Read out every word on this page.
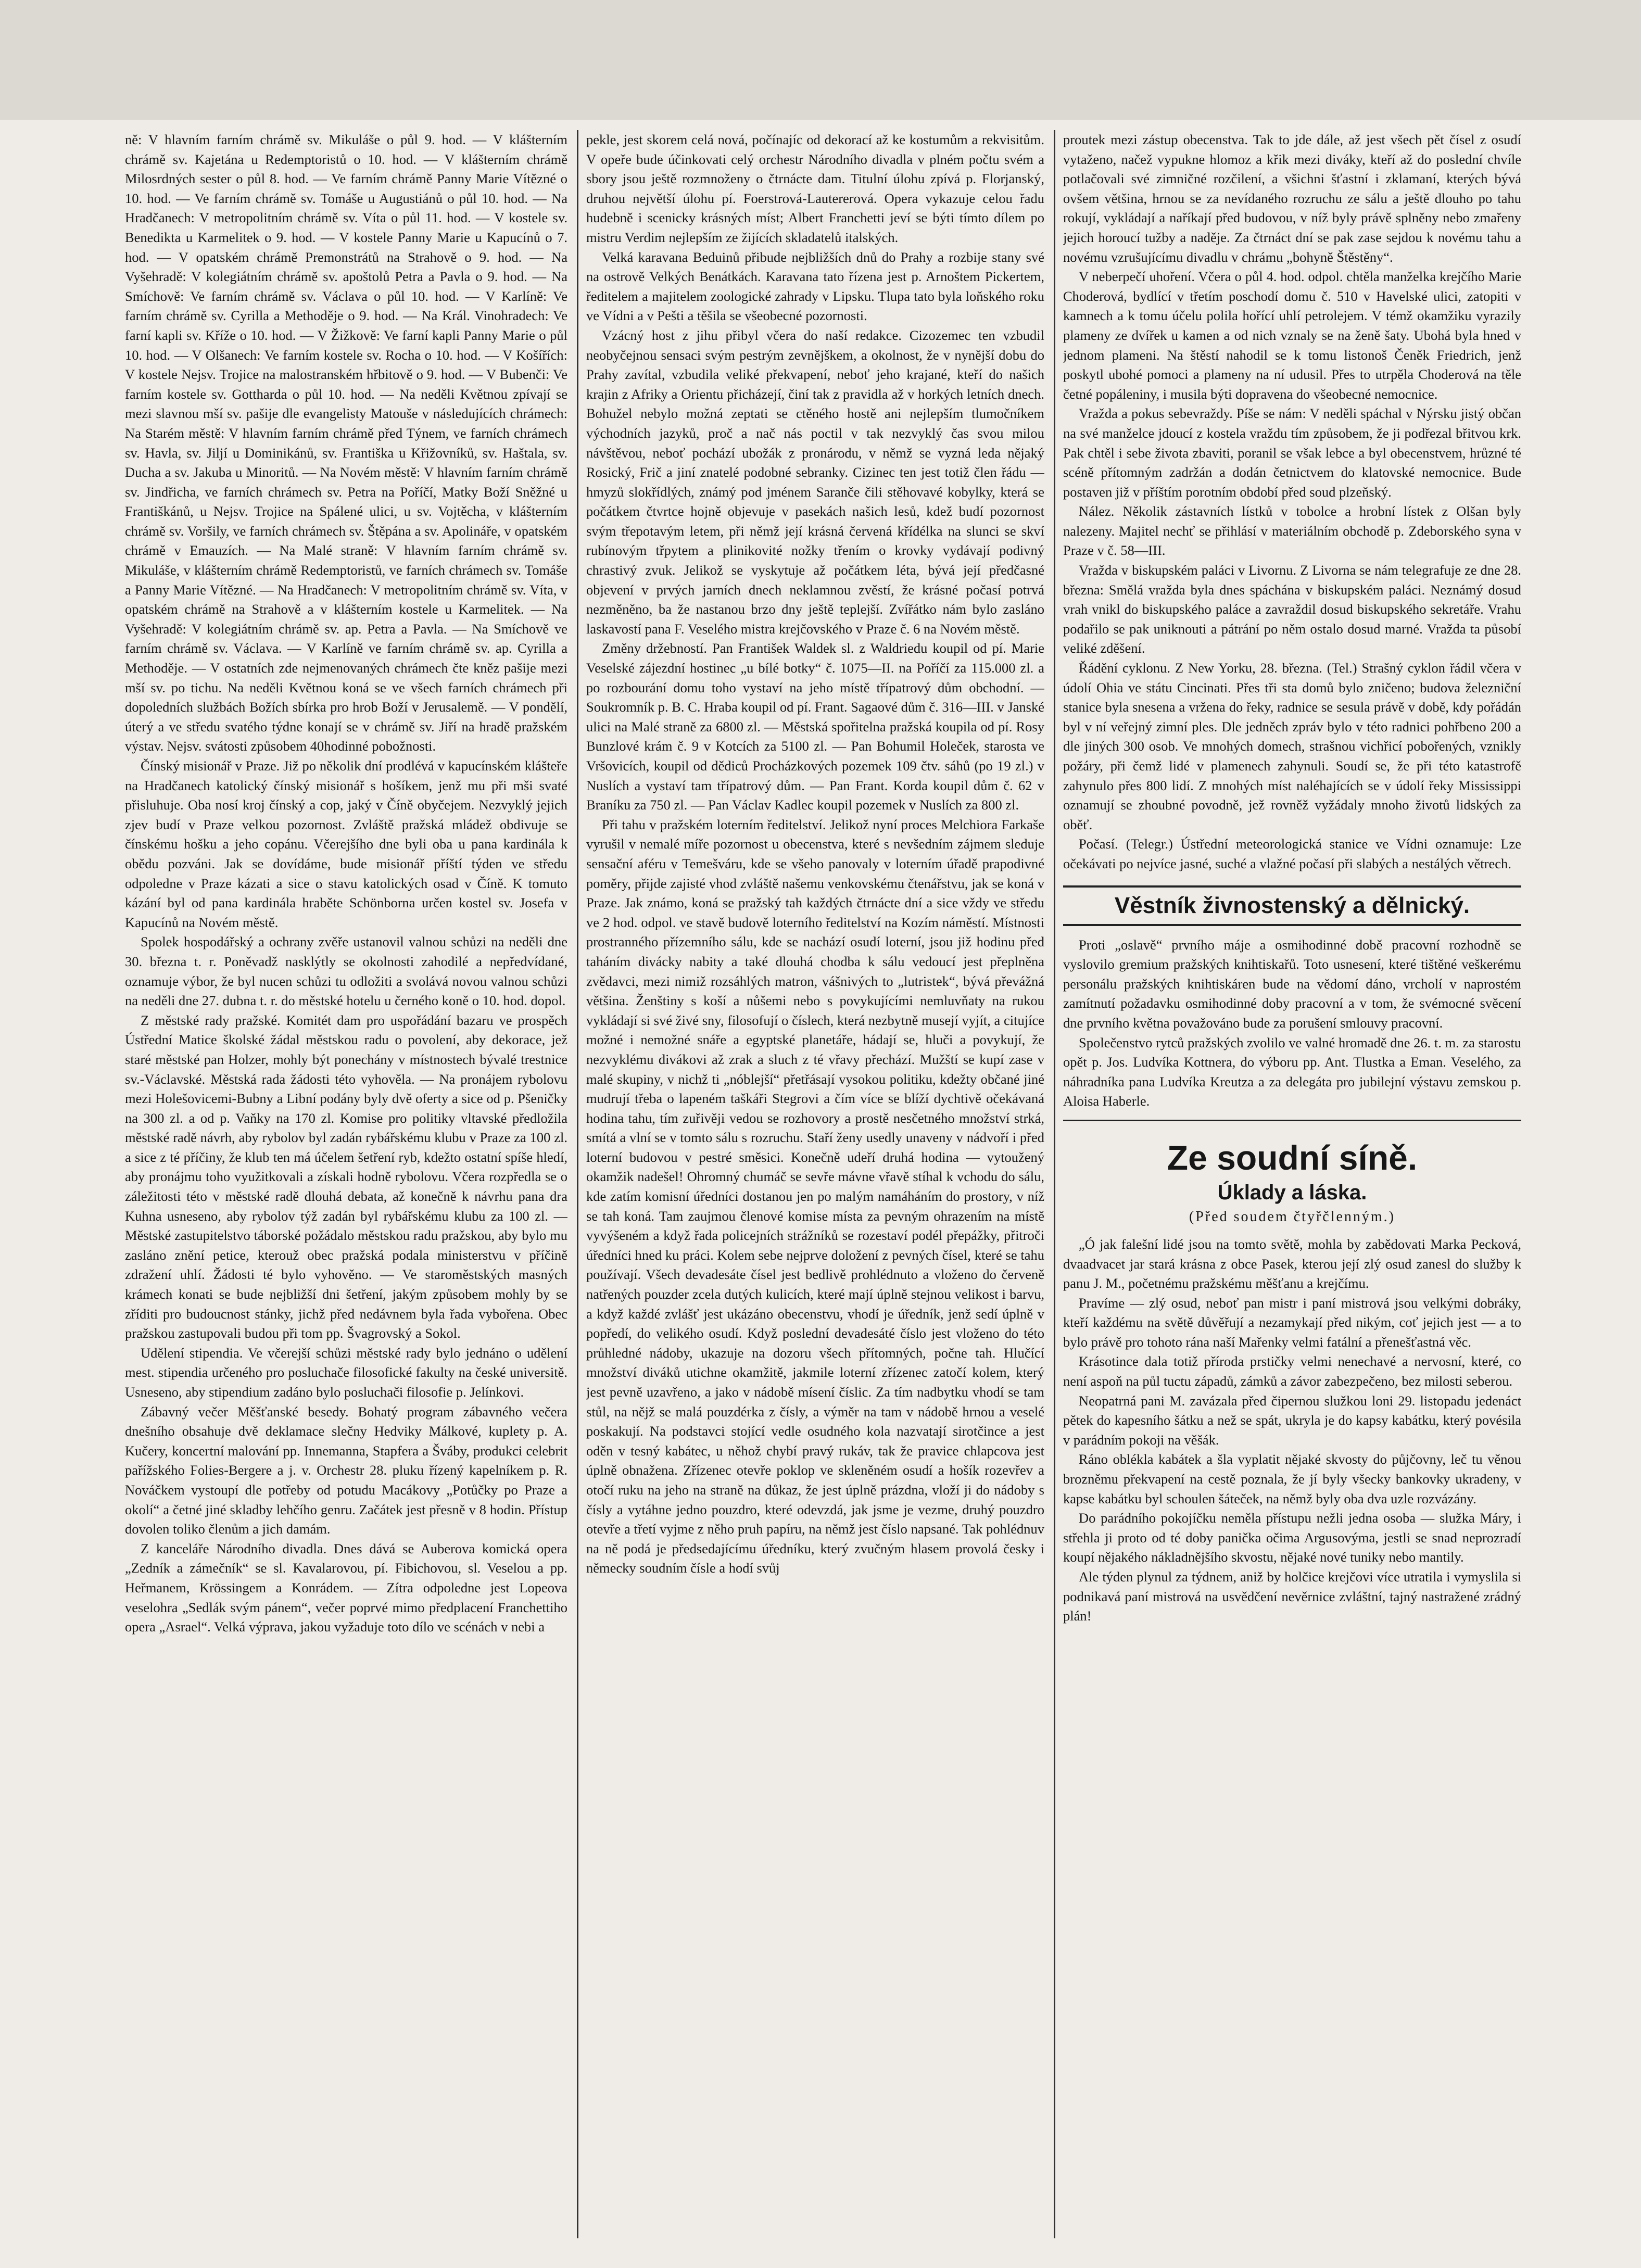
ně: V hlavním farním chrámě sv. Mikuláše o půl 9. hod. — V klášterním chrámě sv. Kajetána u Redemptoristů o 10. hod. — V klášterním chrámě Milosrdných sester o půl 8. hod. — Ve farním chrámě Panny Marie Vítězné o 10. hod. — Ve farním chrámě sv. Tomáše u Augustiánů o půl 10. hod. — Na Hradčanech: V metropolitním chrámě sv. Víta o půl 11. hod. — V kostele sv. Benedikta u Karmelitek o 9. hod. — V kostele Panny Marie u Kapucínů o 7. hod. — V opatském chrámě Premonstrátů na Strahově o 9. hod. — Na Vyšehradě: V kolegiátním chrámě sv. apoštolů Petra a Pavla o 9. hod. — Na Smíchově: Ve farním chrámě sv. Václava o půl 10. hod. — V Karlíně: Ve farním chrámě sv. Cyrilla a Methoděje o 9. hod. — Na Král. Vinohradech: Ve farní kapli sv. Kříže o 10. hod. — V Žižkově: Ve farní kapli Panny Marie o půl 10. hod. — V Olšanech: Ve farním kostele sv. Rocha o 10. hod. — V Košířích: V kostele Nejsv. Trojice na malostranském hřbitově o 9. hod. — V Bubenči: Ve farním kostele sv. Gottharda o půl 10. hod. — Na neděli Květnou zpívají se mezi slavnou mší sv. pašije dle evangelisty Matouše v následujících chrámech: Na Starém městě: V hlavním farním chrámě před Týnem, ve farních chrámech sv. Havla, sv. Jiljí u Dominikánů, sv. Františka u Křižovníků, sv. Haštala, sv. Ducha a sv. Jakuba u Minoritů. — Na Novém městě: V hlavním farním chrámě sv. Jindřicha, ve farních chrámech sv. Petra na Poříčí, Matky Boží Sněžné u Františkánů, u Nejsv. Trojice na Spálené ulici, u sv. Vojtěcha, v klášterním chrámě sv. Voršily, ve farních chrámech sv. Štěpána a sv. Apolináře, v opatském chrámě v Emauzích. — Na Malé straně: V hlavním farním chrámě sv. Mikuláše, v klášterním chrámě Redemptoristů, ve farních chrámech sv. Tomáše a Panny Marie Vítězné. — Na Hradčanech: V metropolitním chrámě sv. Víta, v opatském chrámě na Strahově a v klášterním kostele u Karmelitek. — Na Vyšehradě: V kolegiátním chrámě sv. ap. Petra a Pavla. — Na Smíchově ve farním chrámě sv. Václava. — V Karlíně ve farním chrámě sv. ap. Cyrilla a Methoděje. — V ostatních zde nejmenovaných chrámech čte kněz pašije mezi mší sv. po tichu. Na neděli Květnou koná se ve všech farních chrámech při dopoledních službách Božích sbírka pro hrob Boží v Jerusalemě. — V pondělí, úterý a ve středu svatého týdne konají se v chrámě sv. Jiří na hradě pražském výstav. Nejsv. svátosti způsobem 40hodinné pobožnosti.

Čínský misionář v Praze. Již po několik dní prodlévá v kapucínském klášteře na Hradčanech katolický čínský misionář s hošíkem, jenž mu při mši svaté přisluhuje. Oba nosí kroj čínský a cop, jaký v Číně obyčejem. Nezvyklý jejich zjev budí v Praze velkou pozornost. Zvláště pražská mládež obdivuje se čínskému hošku a jeho copánu. Včerejšího dne byli oba u pana kardinála k obědu pozváni. Jak se dovídáme, bude misionář příští týden ve středu odpoledne v Praze kázati a sice o stavu katolických osad v Číně. K tomuto kázání byl od pana kardinála hraběte Schönborna určen kostel sv. Josefa v Kapucínů na Novém městě.

Spolek hospodářský a ochrany zvěře ustanovil valnou schůzi na neděli dne 30. března t. r. Poněvadž nasklýtly se okolnosti zahodilé a nepředvídané, oznamuje výbor, že byl nucen schůzi tu odložiti a svolává novou valnou schůzi na neděli dne 27. dubna t. r. do městské hotelu u černého koně o 10. hod. dopol.

Z městské rady pražské. Komitét dam pro uspořádání bazaru ve prospěch Ústřední Matice školské žádal městskou radu o povolení, aby dekorace, jež staré městské pan Holzer, mohly být ponechány v místnostech bývalé trestnice sv.-Václavské. Městská rada žádosti této vyhověla. — Na pronájem rybolovu mezi Holešovicemi-Bubny a Libní podány byly dvě oferty a sice od p. Pšeničky na 300 zl. a od p. Vaňky na 170 zl. Komise pro politiky vltavské předložila městské radě návrh, aby rybolov byl zadán rybářskému klubu v Praze za 100 zl. a sice z té příčiny, že klub ten má účelem šetření ryb, kdežto ostatní spíše hledí, aby pronájmu toho využitkovali a získali hodně rybolovu. Včera rozpředla se o záležitosti této v městské radě dlouhá debata, až konečně k návrhu pana dra Kuhna usneseno, aby rybolov týž zadán byl rybářskému klubu za 100 zl. — Městské zastupitelstvo táborské požádalo městskou radu pražskou, aby bylo mu zasláno znění petice, kterouž obec pražská podala ministerstvu v příčině zdražení uhlí. Žádosti té bylo vyhověno. — Ve staroměstských masných krámech konati se bude nejbližší dni šetření, jakým způsobem mohly by se zříditi pro budoucnost stánky, jichž před nedávnem byla řada vybořena. Obec pražskou zastupovali budou při tom pp. Švagrovský a Sokol.

Udělení stipendia. Ve včerejší schůzi městské rady bylo jednáno o udělení mest. stipendia určeného pro posluchače filosofické fakulty na české universitě. Usneseno, aby stipendium zadáno bylo posluchači filosofie p. Jelínkovi.

Zábavný večer Měšťanské besedy. Bohatý program zábavného večera dnešního obsahuje dvě deklamace slečny Hedviky Málkové, kuplety p. A. Kučery, koncertní malování pp. Innemanna, Stapfera a Šváby, produkci celebrit pařížského Folies-Bergere a j. v. Orchestr 28. pluku řízený kapelníkem p. R. Nováčkem vystoupí dle potřeby od potudu Macákovy „Potůčky po Praze a okolí“ a četné jiné skladby lehčího genru. Začátek jest přesně v 8 hodin. Přístup dovolen toliko členům a jich damám.

Z kanceláře Národního divadla. Dnes dává se Auberova komická opera „Zedník a zámečník“ se sl. Kavalarovou, pí. Fibichovou, sl. Veselou a pp. Heřmanem, Krössingem a Konrádem. — Zítra odpoledne jest Lopeova veselohra „Sedlák svým pánem“, večer poprvé mimo předplacení Franchettiho opera „Asrael“. Velká výprava, jakou vyžaduje toto dílo ve scénách v nebi a

pekle, jest skorem celá nová, počínajíc od dekorací až ke kostumům a rekvisitům. V opeře bude účinkovati celý orchestr Národního divadla v plném počtu svém a sbory jsou ještě rozmnoženy o čtrnácte dam. Titulní úlohu zpívá p. Florjanský, druhou největší úlohu pí. Foerstrová-Lautererová. Opera vykazuje celou řadu hudebně i scenicky krásných míst; Albert Franchetti jeví se býti tímto dílem po mistru Verdim nejlepším ze žijících skladatelů italských.

Velká karavana Beduinů přibude nejbližších dnů do Prahy a rozbije stany své na ostrově Velkých Benátkách. Karavana tato řízena jest p. Arnoštem Pickertem, ředitelem a majitelem zoologické zahrady v Lipsku. Tlupa tato byla loňského roku ve Vídni a v Pešti a těšila se všeobecné pozornosti.

Vzácný host z jihu přibyl včera do naší redakce. Cizozemec ten vzbudil neobyčejnou sensaci svým pestrým zevnějškem, a okolnost, že v nynější dobu do Prahy zavítal, vzbudila veliké překvapení, neboť jeho krajané, kteří do našich krajin z Afriky a Orientu přicházejí, činí tak z pravidla až v horkých letních dnech. Bohužel nebylo možná zeptati se ctěného hostě ani nejlepším tlumočníkem východních jazyků, proč a nač nás poctil v tak nezvyklý čas svou milou návštěvou, neboť pochází ubožák z pronárodu, v němž se vyzná leda nějaký Rosický, Frič a jiní znatelé podobné sebranky. Cizinec ten jest totiž člen řádu — hmyzů slokřídlých, známý pod jménem Saranče čili stěhovavé kobylky, která se počátkem čtvrtce hojně objevuje v pasekách našich lesů, kdež budí pozornost svým třepotavým letem, při němž její krásná červená křídélka na slunci se skví rubínovým třpytem a plinikovité nožky třením o krovky vydávají podivný chrastivý zvuk. Jelikož se vyskytuje až počátkem léta, bývá její předčasné objevení v prvých jarních dnech neklamnou zvěstí, že krásné počasí potrvá nezměněno, ba že nastanou brzo dny ještě teplejší. Zvířátko nám bylo zasláno laskavostí pana F. Veselého mistra krejčovského v Praze č. 6 na Novém městě.

Změny držebností. Pan František Waldek sl. z Waldriedu koupil od pí. Marie Veselské zájezdní hostinec „u bílé botky“ č. 1075—II. na Poříčí za 115.000 zl. a po rozbourání domu toho vystaví na jeho místě třípatrový dům obchodní. — Soukromník p. B. C. Hraba koupil od pí. Frant. Sagaové dům č. 316—III. v Janské ulici na Malé straně za 6800 zl. — Městská spořitelna pražská koupila od pí. Rosy Bunzlové krám č. 9 v Kotcích za 5100 zl. — Pan Bohumil Holeček, starosta ve Vršovicích, koupil od dědiců Procházkových pozemek 109 čtv. sáhů (po 19 zl.) v Nuslích a vystaví tam třípatrový dům. — Pan Frant. Korda koupil dům č. 62 v Braníku za 750 zl. — Pan Václav Kadlec koupil pozemek v Nuslích za 800 zl.

Při tahu v pražském loterním ředitelství. Jelikož nyní proces Melchiora Farkaše vyrušil v nemalé míře pozornost u obecenstva, které s nevšedním zájmem sleduje sensační aféru v Temešváru, kde se všeho panovaly v loterním úřadě prapodivné poměry, přijde zajisté vhod zvláště našemu venkovskému čtenářstvu, jak se koná v Praze. Jak známo, koná se pražský tah každých čtrnácte dní a sice vždy ve středu ve 2 hod. odpol. ve stavě budově loterního ředitelství na Kozím náměstí. Místnosti prostranného přízemního sálu, kde se nachází osudí loterní, jsou již hodinu před taháním divácky nabity a také dlouhá chodba k sálu vedoucí jest přeplněna zvědavci, mezi nimiž rozsáhlých matron, vášnivých to „lutristek“, bývá převážná většina. Ženštiny s koší a nůšemi nebo s povykujícími nemluvňaty na rukou vykládají si své živé sny, filosofují o číslech, která nezbytně musejí vyjít, a citujíce možné i nemožné snáře a egyptské planetáře, hádají se, hluči a povykují, že nezvyklému divákovi až zrak a sluch z té vřavy přechází. Mužští se kupí zase v malé skupiny, v nichž ti „nóblejší“ přetřásají vysokou politiku, kdežty občané jiné mudrují třeba o lapeném taškáři Stegrovi a čím více se blíží dychtivě očekávaná hodina tahu, tím zuřivěji vedou se rozhovory a prostě nesčetného množství strká, smítá a vlní se v tomto sálu s rozruchu. Staří ženy usedly unaveny v nádvoří i před loterní budovou v pestré směsici. Konečně udeří druhá hodina — vytoužený okamžik nadešel! Ohromný chumáč se sevře mávne vřavě stíhal k vchodu do sálu, kde zatím komisní úředníci dostanou jen po malým namáháním do prostory, v níž se tah koná. Tam zaujmou členové komise místa za pevným ohrazením na místě vyvýšeném a když řada policejních strážníků se rozestaví podél přepážky, přitroči úředníci hned ku práci. Kolem sebe nejprve doložení z pevných čísel, které se tahu používají. Všech devadesáte čísel jest bedlivě prohlédnuto a vloženo do červeně natřených pouzder zcela dutých kulicích, které mají úplně stejnou velikost i barvu, a když každé zvlášť jest ukázáno obecenstvu, vhodí je úředník, jenž sedí úplně v popředí, do velikého osudí. Když poslední devadesáté číslo jest vloženo do této průhledné nádoby, ukazuje na dozoru všech přítomných, počne tah. Hlučící množství diváků utichne okamžitě, jakmile loterní zřízenec zatočí kolem, který jest pevně uzavřeno, a jako v nádobě mísení číslic. Za tím nadbytku vhodí se tam stůl, na nějž se malá pouzdérka z čísly, a výměr na tam v nádobě hrnou a veselé poskakují. Na podstavci stojící vedle osudného kola nazvatají sirotčince a jest oděn v tesný kabátec, u něhož chybí pravý rukáv, tak že pravice chlapcova jest úplně obnažena. Zřízenec otevře poklop ve skleněném osudí a hošík rozevřev a otočí ruku na jeho na straně na důkaz, že jest úplně prázdna, vloží ji do nádoby s čísly a vytáhne jedno pouzdro, které odevzdá, jak jsme je vezme, druhý pouzdro otevře a třetí vyjme z něho pruh papíru, na němž jest číslo napsané. Tak pohlédnuv na ně podá je předsedajícímu úředníku, který zvučným hlasem provolá česky i německy soudním čísle a hodí svůj

proutek mezi zástup obecenstva. Tak to jde dále, až jest všech pět čísel z osudí vytaženo, načež vypukne hlomoz a křik mezi diváky, kteří až do poslední chvíle potlačovali své zimničné rozčilení, a všichni šťastní i zklamaní, kterých bývá ovšem většina, hrnou se za nevídaného rozruchu ze sálu a ještě dlouho po tahu rokují, vykládají a naříkají před budovou, v níž byly právě splněny nebo zmařeny jejich horoucí tužby a naděje. Za čtrnáct dní se pak zase sejdou k novému tahu a novému vzrušujícímu divadlu v chrámu „bohyně Štěstěny“.

V neberpečí uhoření. Včera o půl 4. hod. odpol. chtěla manželka krejčího Marie Choderová, bydlící v třetím poschodí domu č. 510 v Havelské ulici, zatopiti v kamnech a k tomu účelu polila hořící uhlí petrolejem. V témž okamžiku vyrazily plameny ze dvířek u kamen a od nich vznaly se na ženě šaty. Ubohá byla hned v jednom plameni. Na štěstí nahodil se k tomu listonoš Čeněk Friedrich, jenž poskytl ubohé pomoci a plameny na ní udusil. Přes to utrpěla Choderová na těle četné popáleniny, i musila býti dopravena do všeobecné nemocnice.

Vražda a pokus sebevraždy. Píše se nám: V neděli spáchal v Nýrsku jistý občan na své manželce jdoucí z kostela vraždu tím způsobem, že ji podřezal břitvou krk. Pak chtěl i sebe života zbaviti, poranil se však lebce a byl obecenstvem, hrůzné té scéně přítomným zadržán a dodán četnictvem do klatovské nemocnice. Bude postaven již v příštím porotním období před soud plzeňský.

Nález. Několik zástavních lístků v tobolce a hrobní lístek z Olšan byly nalezeny. Majitel nechť se přihlásí v materiálním obchodě p. Zdeborského syna v Praze v č. 58—III.

Vražda v biskupském paláci v Livornu. Z Livorna se nám telegrafuje ze dne 28. března: Smělá vražda byla dnes spáchána v biskupském paláci. Neznámý dosud vrah vnikl do biskupského paláce a zavraždil dosud biskupského sekretáře. Vrahu podařilo se pak uniknouti a pátrání po něm ostalo dosud marné. Vražda ta působí veliké zděšení.

Řádění cyklonu. Z New Yorku, 28. března. (Tel.) Strašný cyklon řádil včera v údolí Ohia ve státu Cincinati. Přes tři sta domů bylo zničeno; budova železniční stanice byla snesena a vržena do řeky, radnice se sesula právě v době, kdy pořádán byl v ní veřejný zimní ples. Dle jedněch zpráv bylo v této radnici pohřbeno 200 a dle jiných 300 osob. Ve mnohých domech, strašnou vichřicí pobořených, vznikly požáry, při čemž lidé v plamenech zahynuli. Soudí se, že při této katastrofě zahynulo přes 800 lidí. Z mnohých míst naléhajících se v údolí řeky Mississippi oznamují se zhoubné povodně, jež rovněž vyžádaly mnoho životů lidských za oběť.

Počasí. (Telegr.) Ústřední meteorologická stanice ve Vídni oznamuje: Lze očekávati po nejvíce jasné, suché a vlažné počasí při slabých a nestálých větrech.

Věstník živnostenský a dělnický.

Proti „oslavě“ prvního máje a osmihodinné době pracovní rozhodně se vyslovilo gremium pražských knihtiskařů. Toto usnesení, které tištěné veškerému personálu pražských knihtiskáren bude na vědomí dáno, vrcholí v naprostém zamítnutí požadavku osmihodinné doby pracovní a v tom, že svémocné svěcení dne prvního května považováno bude za porušení smlouvy pracovní.

Společenstvo rytců pražských zvolilo ve valné hromadě dne 26. t. m. za starostu opět p. Jos. Ludvíka Kottnera, do výboru pp. Ant. Tlustka a Eman. Veselého, za náhradníka pana Ludvíka Kreutza a za delegáta pro jubilejní výstavu zemskou p. Aloisa Haberle.

Ze soudní síně.
Úklady a láska.
(Před soudem čtyřčlenným.)

„Ó jak falešní lidé jsou na tomto světě, mohla by zabědovati Marka Pecková, dvaadvacet jar stará krásna z obce Pasek, kterou její zlý osud zanesl do služby k panu J. M., početnému pražskému měšťanu a krejčímu.

Pravíme — zlý osud, neboť pan mistr i paní mistrová jsou velkými dobráky, kteří každému na světě důvěřují a nezamykají před nikým, coť jejich jest — a to bylo právě pro tohoto rána naší Mařenky velmi fatální a přenešťastná věc.

Krásotince dala totiž příroda prstičky velmi nenechavé a nervosní, které, co není aspoň na půl tuctu západů, zámků a závor zabezpečeno, bez milosti seberou.

Neopatrná pani M. zavázala před čipernou služkou loni 29. listopadu jedenáct pětek do kapesního šátku a než se spát, ukryla je do kapsy kabátku, který povésila v parádním pokoji na věšák.

Ráno oblékla kabátek a šla vyplatit nějaké skvosty do půjčovny, leč tu věnou brozněmu překvapení na cestě poznala, že jí byly všecky bankovky ukradeny, v kapse kabátku byl schoulen šáteček, na němž byly oba dva uzle rozvázány.

Do parádního pokojíčku neměla přístupu nežli jedna osoba — služka Máry, i střehla ji proto od té doby panička očima Argusovýma, jestli se snad neprozradí koupí nějakého nákladnějšího skvostu, nějaké nové tuniky nebo mantily.

Ale týden plynul za týdnem, aniž by holčice krejčovi více utratila i vymyslila si podnikavá paní mistrová na usvědčení nevěrnice zvláštní, tajný nastražené zrádný plán!
